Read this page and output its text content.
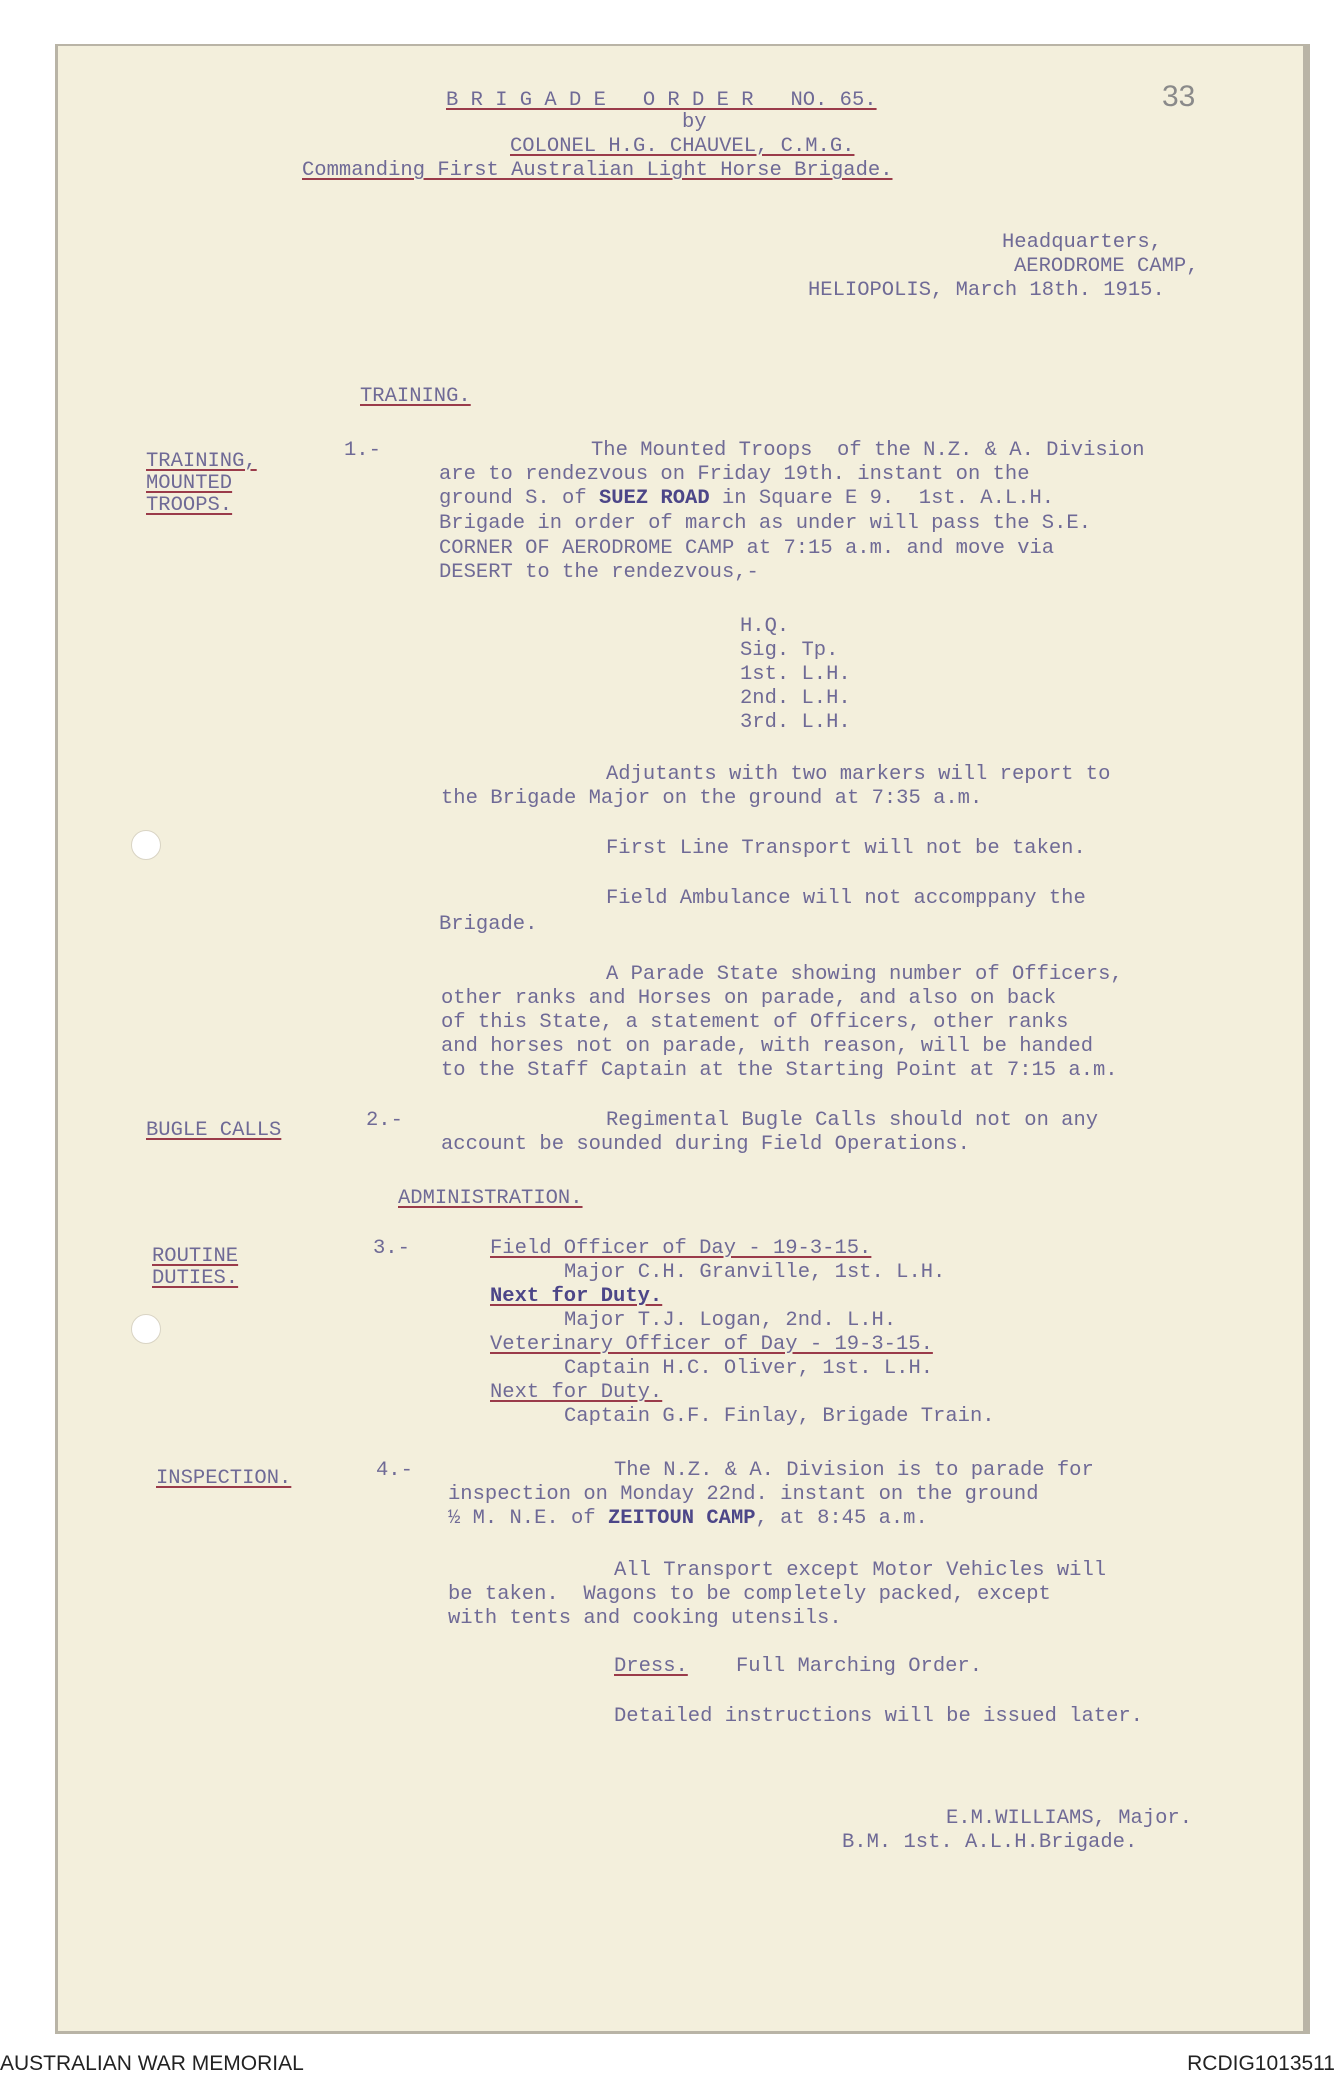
B R I G A D E   O R D E R   NO. 65.
by
COLONEL H.G. CHAUVEL, C.M.G.
Commanding First Australian Light Horse Brigade.
33
Headquarters,
AERODROME CAMP,
HELIOPOLIS, March 18th. 1915.
TRAINING.
TRAINING,
MOUNTED
TROOPS.
1.-	The Mounted Troops  of the N.Z. & A. Division
are to rendezvous on Friday 19th. instant on the
ground S. of SUEZ ROAD in Square E 9.  1st. A.L.H.
Brigade in order of march as under will pass the S.E.
CORNER OF AERODROME CAMP at 7:15 a.m. and move via
DESERT to the rendezvous,-
H.Q.
Sig. Tp.
1st. L.H.
2nd. L.H.
3rd. L.H.
Adjutants with two markers will report to
the Brigade Major on the ground at 7:35 a.m.
First Line Transport will not be taken.
Field Ambulance will not accomppany the
Brigade.
A Parade State showing number of Officers,
other ranks and Horses on parade, and also on back
of this State, a statement of Officers, other ranks
and horses not on parade, with reason, will be handed
to the Staff Captain at the Starting Point at 7:15 a.m.
BUGLE CALLS	2.-	Regimental Bugle Calls should not on any
account be sounded during Field Operations.
ADMINISTRATION.
ROUTINE
DUTIES.
3.-	Field Officer of Day - 19-3-15.
Major C.H. Granville, 1st. L.H.
Next for Duty.
Major T.J. Logan, 2nd. L.H.
Veterinary Officer of Day - 19-3-15.
Captain H.C. Oliver, 1st. L.H.
Next for Duty.
Captain G.F. Finlay, Brigade Train.
INSPECTION.	4.-	The N.Z. & A. Division is to parade for
inspection on Monday 22nd. instant on the ground
½ M. N.E. of ZEITOUN CAMP, at 8:45 a.m.
All Transport except Motor Vehicles will
be taken.  Wagons to be completely packed, except
with tents and cooking utensils.
Dress. Full Marching Order.
Detailed instructions will be issued later.
E.M.WILLIAMS, Major.
B.M. 1st. A.L.H.Brigade.
AUSTRALIAN WAR MEMORIAL	RCDIG1013511
